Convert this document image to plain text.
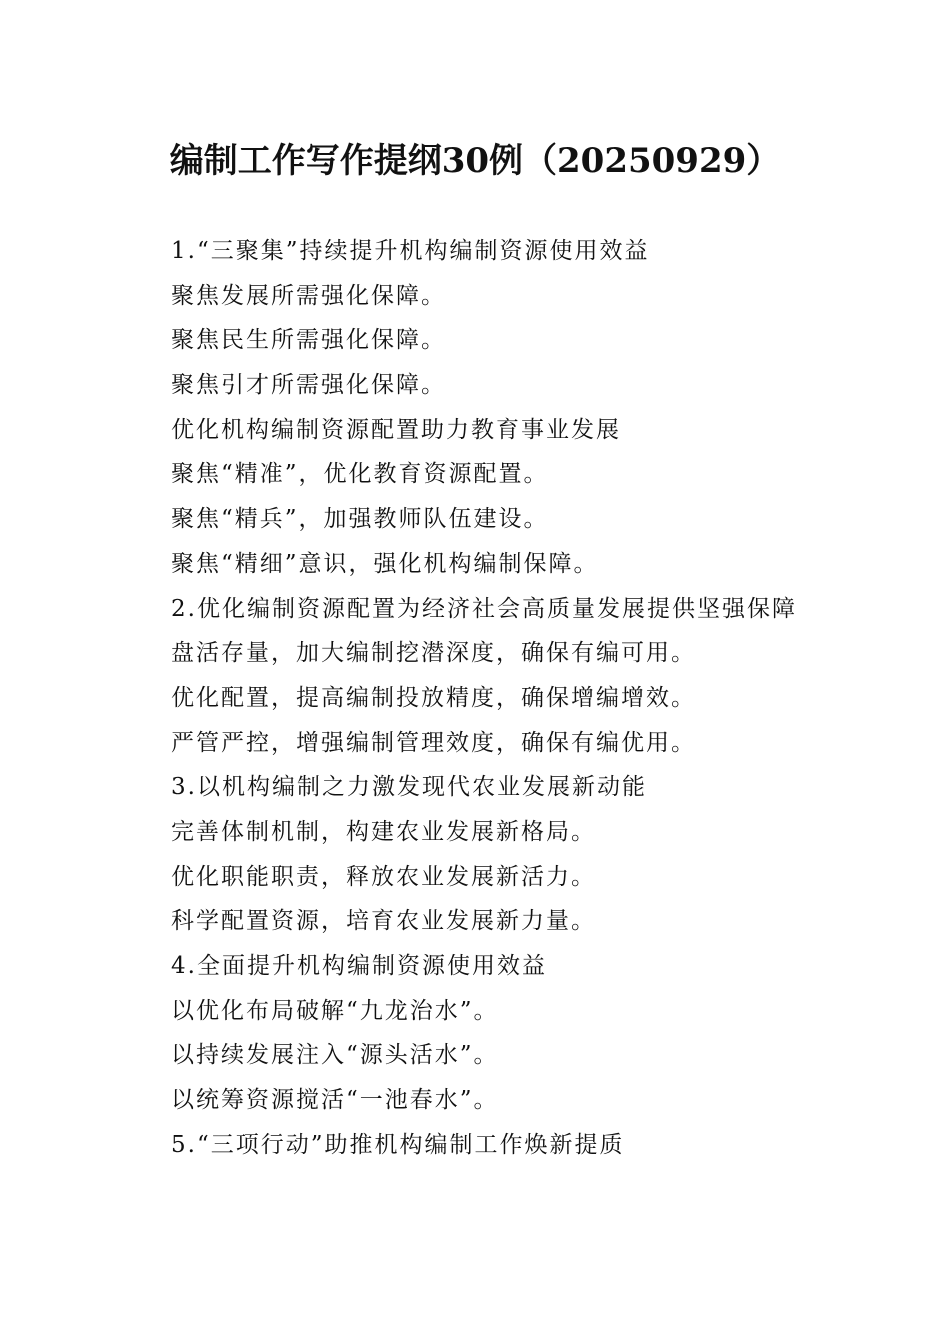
编制工作写作提纲30例（20250929）
1.“三聚集”持续提升机构编制资源使用效益
聚焦发展所需强化保障。
聚焦民生所需强化保障。
聚焦引才所需强化保障。
优化机构编制资源配置助力教育事业发展
聚焦“精准”，优化教育资源配置。
聚焦“精兵”，加强教师队伍建设。
聚焦“精细”意识，强化机构编制保障。
2.优化编制资源配置为经济社会高质量发展提供坚强保障
盘活存量，加大编制挖潜深度，确保有编可用。
优化配置，提高编制投放精度，确保增编增效。
严管严控，增强编制管理效度，确保有编优用。
3.以机构编制之力激发现代农业发展新动能
完善体制机制，构建农业发展新格局。
优化职能职责，释放农业发展新活力。
科学配置资源，培育农业发展新力量。
4.全面提升机构编制资源使用效益
以优化布局破解“九龙治水”。
以持续发展注入“源头活水”。
以统筹资源搅活“一池春水”。
5.“三项行动”助推机构编制工作焕新提质
